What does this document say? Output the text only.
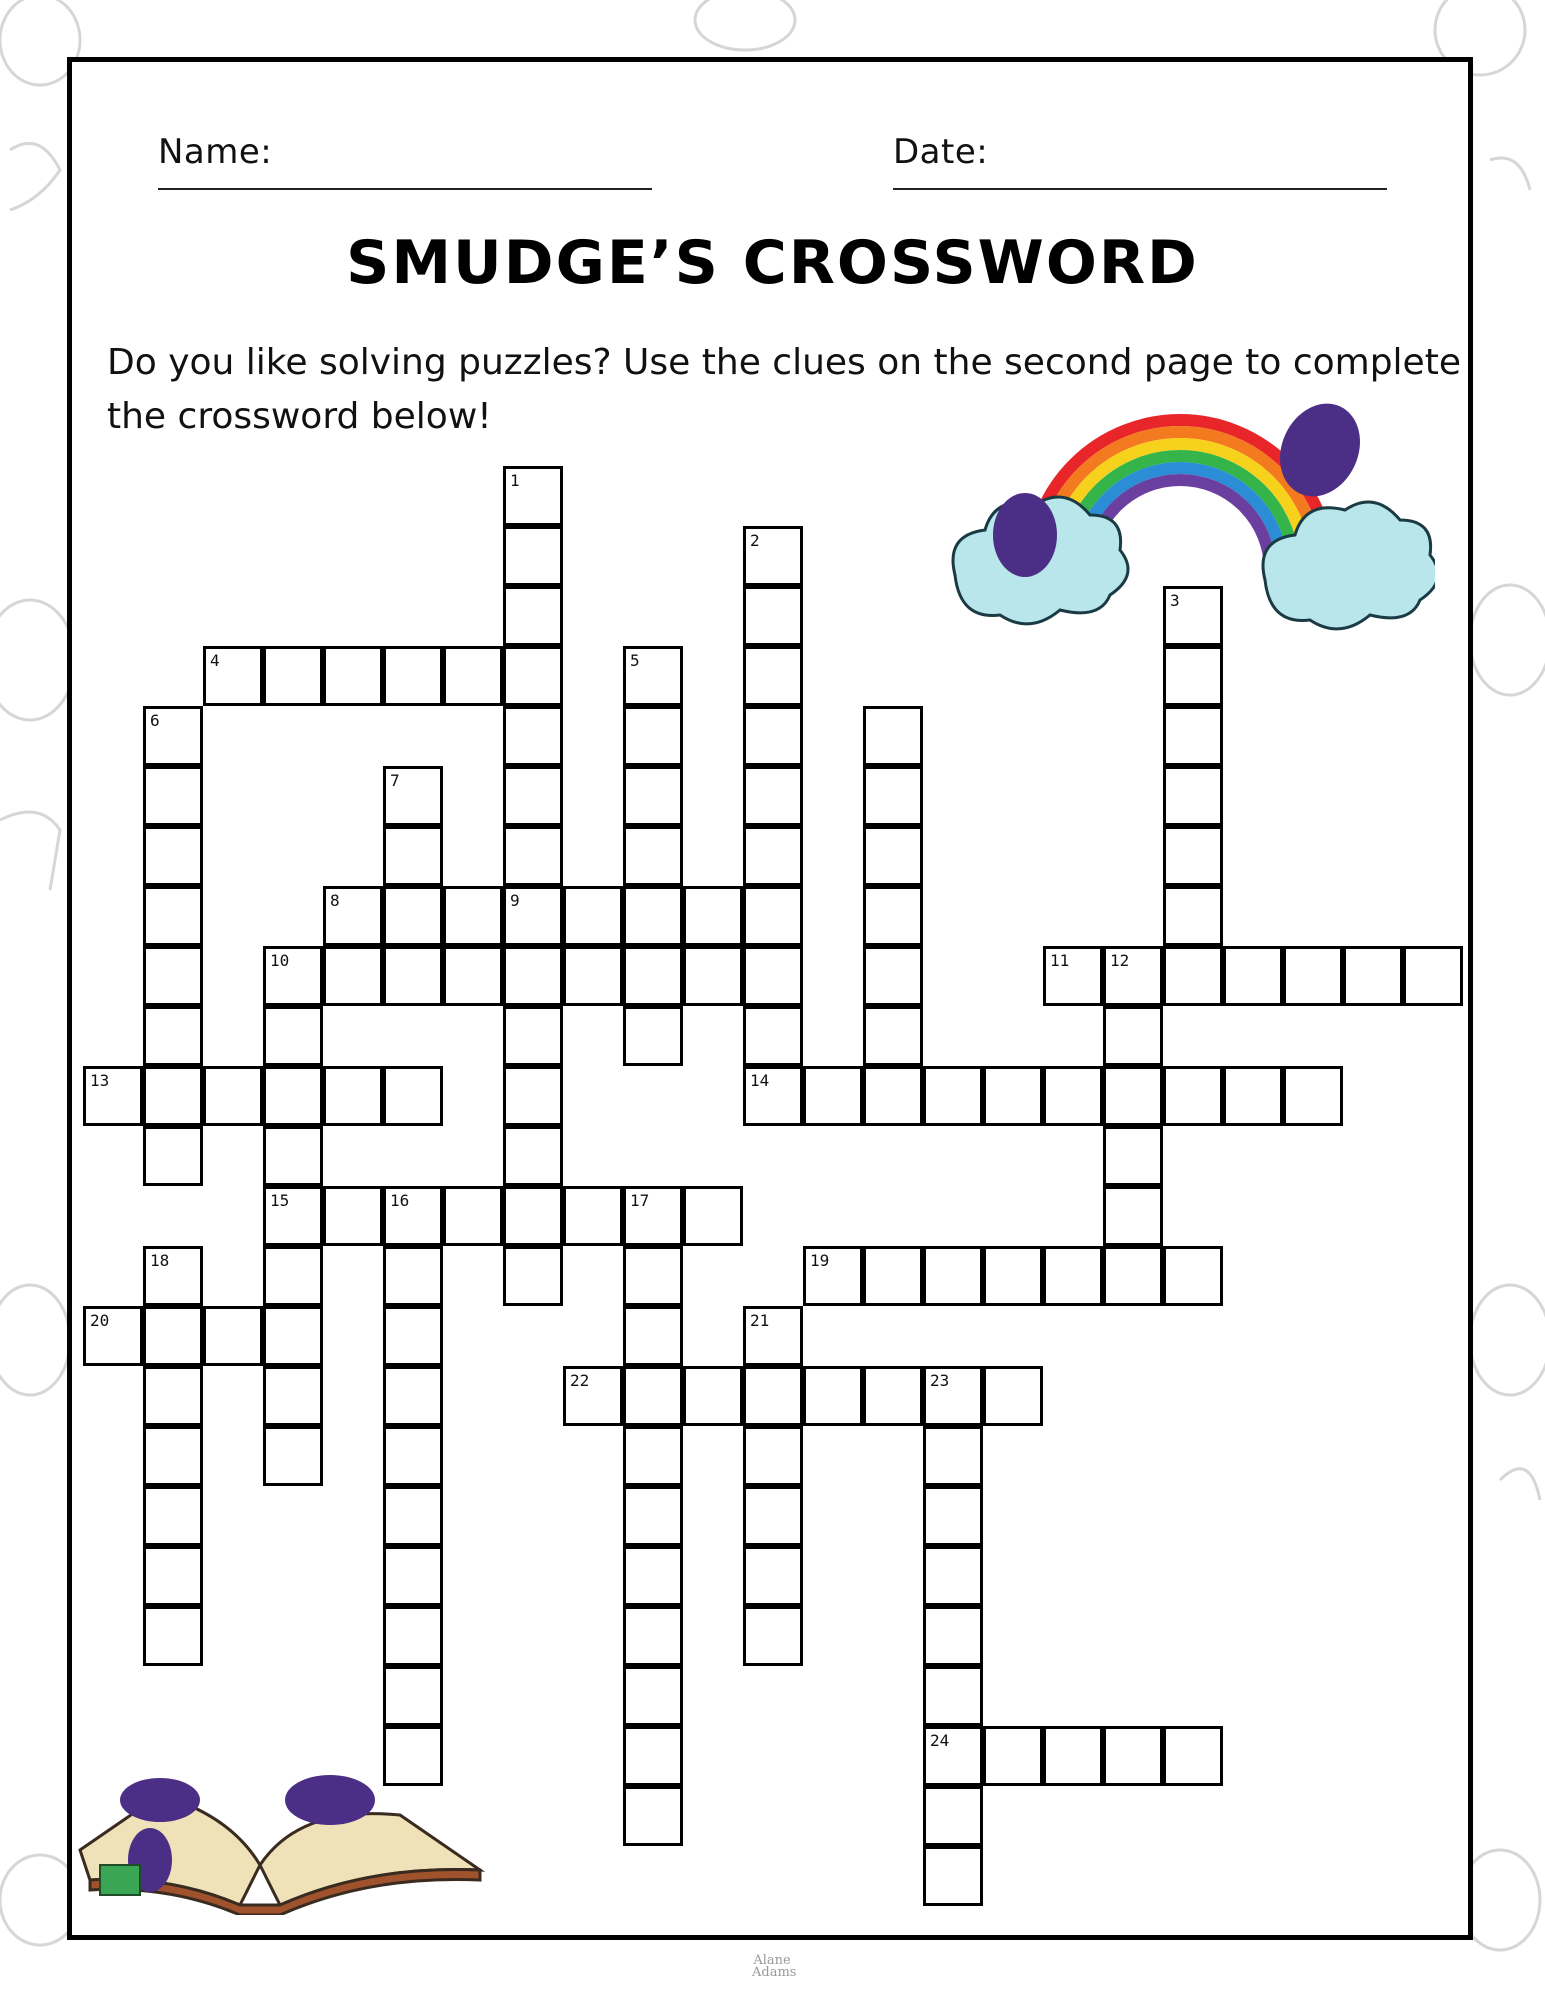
Name:	Date:
SMUDGE’S CROSSWORD
Do you like solving puzzles? Use the clues on the second page to complete the crossword below!
1
9
2
3
4	5
6
7
8
10
15
11	12
13	14
16	17
18	19
20	21
22	23
24
Alane Adams
